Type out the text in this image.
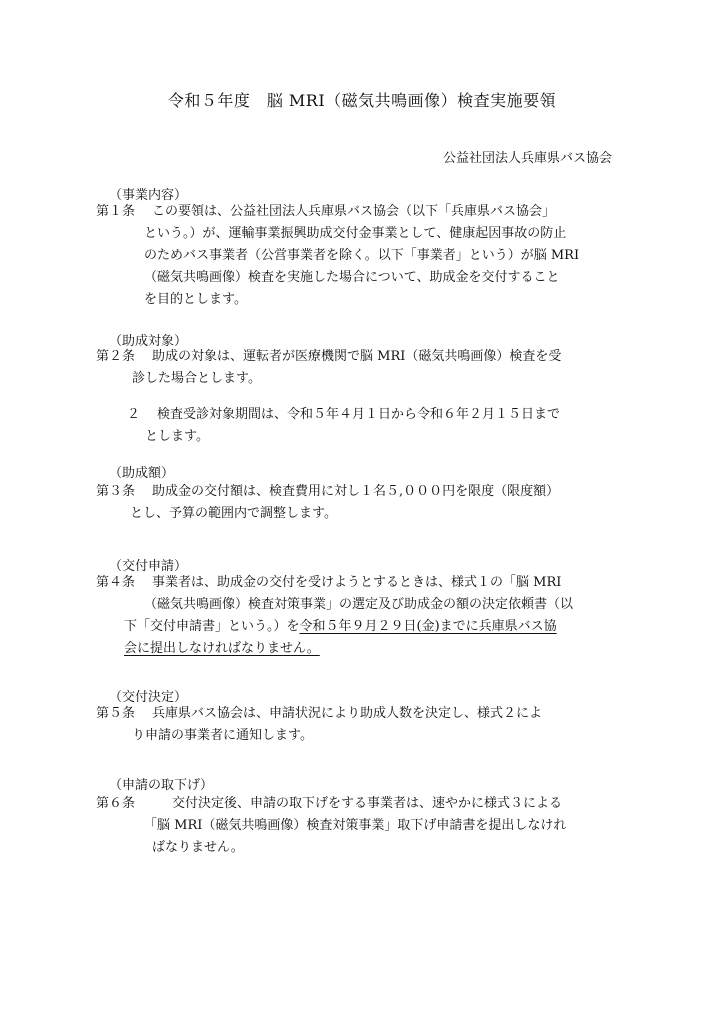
令和５年度　脳 MRI（磁気共鳴画像）検査実施要領
公益社団法人兵庫県バス協会
（事業内容）
第１条	この要領は、公益社団法人兵庫県バス協会（以下「兵庫県バス協会」
という。）が、運輸事業振興助成交付金事業として、健康起因事故の防止
のためバス事業者（公営事業者を除く。以下「事業者」という）が脳 MRI
（磁気共鳴画像）検査を実施した場合について、助成金を交付すること
を目的とします。
（助成対象）
第２条	助成の対象は、運転者が医療機関で脳 MRI（磁気共鳴画像）検査を受
診した場合とします。
２	検査受診対象期間は、令和５年４月１日から令和６年２月１５日まで
とします。
（助成額）
第３条	助成金の交付額は、検査費用に対し１名５,０００円を限度（限度額）
とし、予算の範囲内で調整します。
（交付申請）
第４条	事業者は、助成金の交付を受けようとするときは、様式１の「脳 MRI
（磁気共鳴画像）検査対策事業」の選定及び助成金の額の決定依頼書（以
下「交付申請書」という。）を令和５年９月２９日(金)までに兵庫県バス協
会に提出しなければなりません。
（交付決定）
第５条	兵庫県バス協会は、申請状況により助成人数を決定し、様式２によ
り申請の事業者に通知します。
（申請の取下げ）
第６条	交付決定後、申請の取下げをする事業者は、速やかに様式３による
「脳 MRI（磁気共鳴画像）検査対策事業」取下げ申請書を提出しなけれ
ばなりません。
